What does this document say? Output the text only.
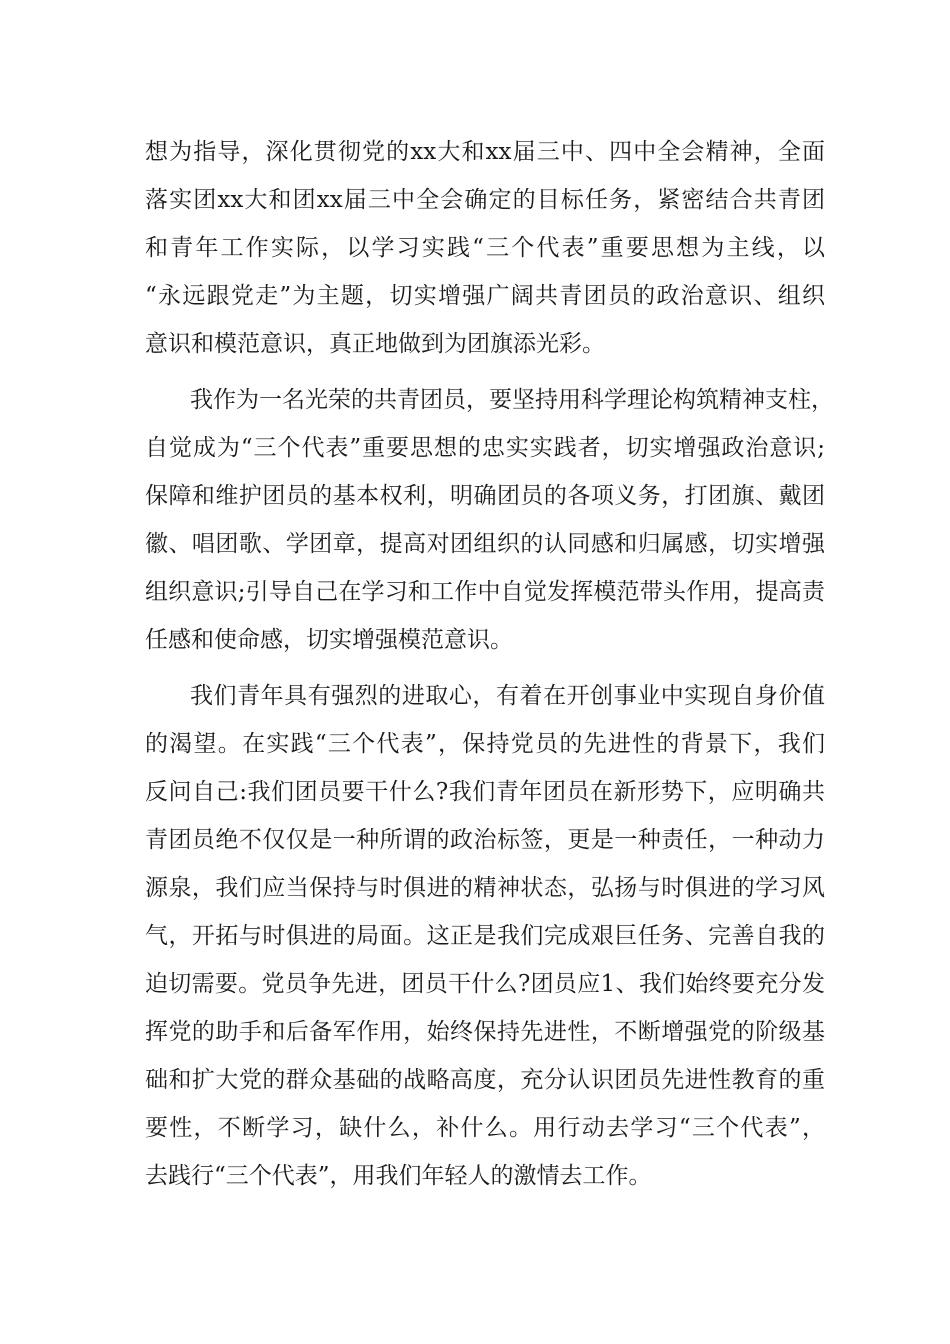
想为指导，深化贯彻党的xx大和xx届三中、四中全会精神，全面
落实团xx大和团xx届三中全会确定的目标任务，紧密结合共青团
和青年工作实际，以学习实践“三个代表”重要思想为主线，以
“永远跟党走”为主题，切实增强广阔共青团员的政治意识、组织
意识和模范意识，真正地做到为团旗添光彩。
我作为一名光荣的共青团员，要坚持用科学理论构筑精神支柱，
自觉成为“三个代表”重要思想的忠实实践者，切实增强政治意识;
保障和维护团员的基本权利，明确团员的各项义务，打团旗、戴团
徽、唱团歌、学团章，提高对团组织的认同感和归属感，切实增强
组织意识;引导自己在学习和工作中自觉发挥模范带头作用，提高责
任感和使命感，切实增强模范意识。
我们青年具有强烈的进取心，有着在开创事业中实现自身价值
的渴望。在实践“三个代表”，保持党员的先进性的背景下，我们
反问自己:我们团员要干什么?我们青年团员在新形势下，应明确共
青团员绝不仅仅是一种所谓的政治标签，更是一种责任，一种动力
源泉，我们应当保持与时俱进的精神状态，弘扬与时俱进的学习风
气，开拓与时俱进的局面。这正是我们完成艰巨任务、完善自我的
迫切需要。党员争先进，团员干什么?团员应1、我们始终要充分发
挥党的助手和后备军作用，始终保持先进性，不断增强党的阶级基
础和扩大党的群众基础的战略高度，充分认识团员先进性教育的重
要性，不断学习，缺什么，补什么。用行动去学习“三个代表”，
去践行“三个代表”，用我们年轻人的激情去工作。
